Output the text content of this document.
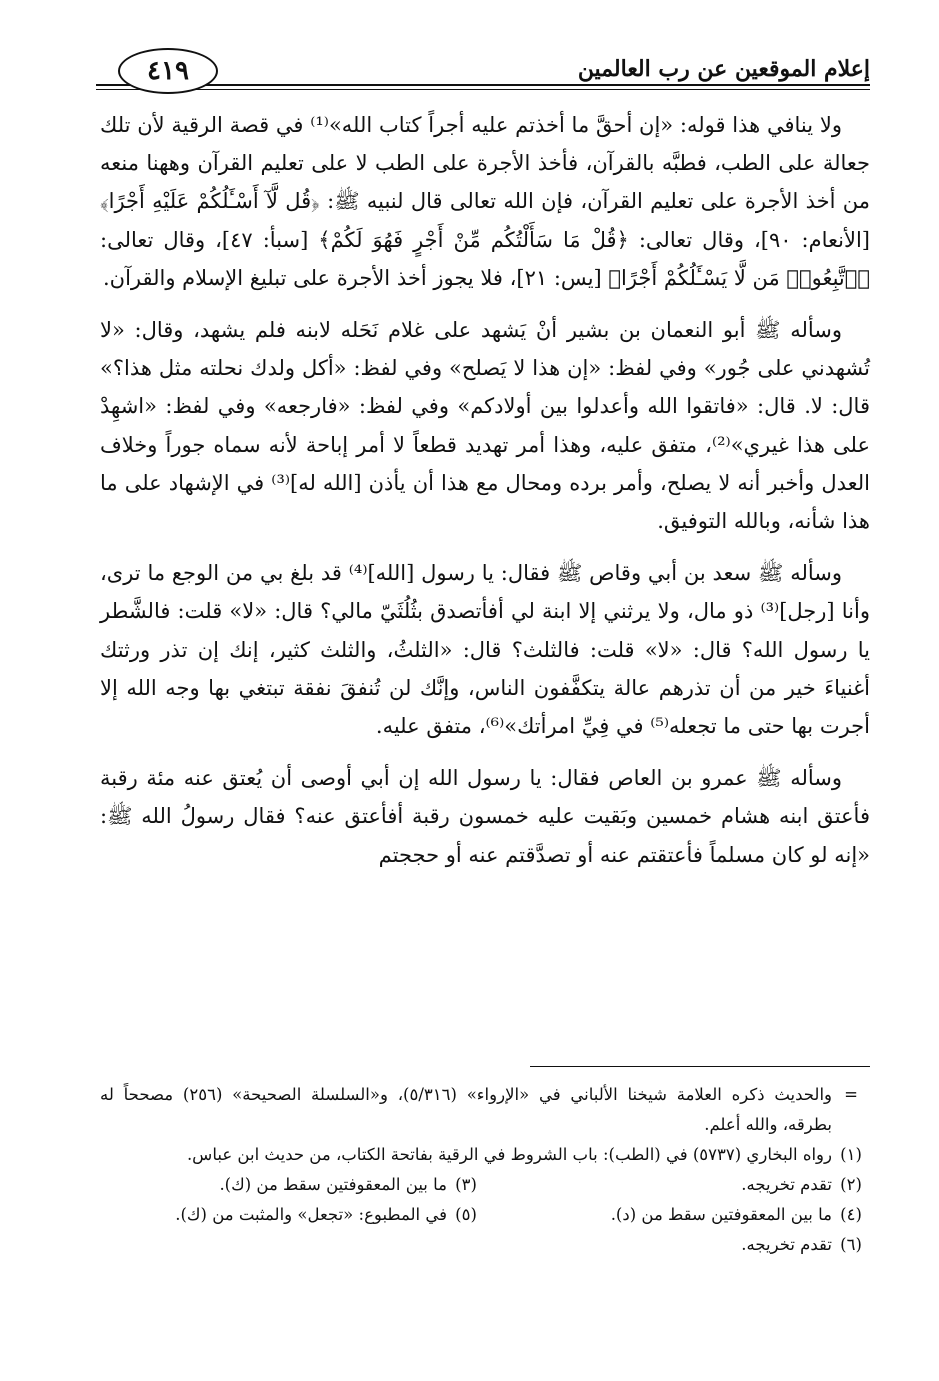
إعلام الموقعين عن رب العالمين
٤١٩

ولا ينافي هذا قوله: «إن أحقَّ ما أخذتم عليه أجراً كتاب الله»⁽¹⁾ في قصة الرقية لأن تلك جعالة على الطب، فطبَّه بالقرآن، فأخذ الأجرة على الطب لا على تعليم القرآن وههنا منعه من أخذ الأجرة على تعليم القرآن، فإن الله تعالى قال لنبيه ﷺ: ﴿قُل لَّآ أَسْـَٔلُكُمْ عَلَيْهِ أَجْرًا﴾ [الأنعام: ٩٠]، وقال تعالى: ﴿قُلْ مَا سَأَلْتُكُم مِّنْ أَجْرٍ فَهُوَ لَكُمْ﴾ [سبأ: ٤٧]، وقال تعالى: ﴿ٱتَّبِعُوا۟ مَن لَّا يَسْـَٔلُكُمْ أَجْرًا﴾ [يس: ٢١]، فلا يجوز أخذ الأجرة على تبليغ الإسلام والقرآن.

وسأله ﷺ أبو النعمان بن بشير أنْ يَشهد على غلام نَحَله لابنه فلم يشهد، وقال: «لا تُشهدني على جُور» وفي لفظ: «إن هذا لا يَصلح» وفي لفظ: «أكل ولدك نحلته مثل هذا؟» قال: لا. قال: «فاتقوا الله وأعدلوا بين أولادكم» وفي لفظ: «فارجعه» وفي لفظ: «اشهِدْ على هذا غيري»⁽²⁾، متفق عليه، وهذا أمر تهديد قطعاً لا أمر إباحة لأنه سماه جوراً وخلاف العدل وأخبر أنه لا يصلح، وأمر برده ومحال مع هذا أن يأذن [الله له]⁽³⁾ في الإشهاد على ما هذا شأنه، وبالله التوفيق.

وسأله ﷺ سعد بن أبي وقاص ﷺ فقال: يا رسول [الله]⁽⁴⁾ قد بلغ بي من الوجع ما ترى، وأنا [رجل]⁽³⁾ ذو مال، ولا يرثني إلا ابنة لي أفأتصدق بثُلُثَيّ مالي؟ قال: «لا» قلت: فالشَّطر يا رسول الله؟ قال: «لا» قلت: فالثلث؟ قال: «الثلثُ، والثلث كثير، إنك إن تذر ورثتك أغنياءَ خير من أن تذرهم عالة يتكفَّفون الناس، وإنَّك لن تُنفقَ نفقة تبتغي بها وجه الله إلا أجرت بها حتى ما تجعله⁽⁵⁾ في فِيِّ امرأتك»⁽⁶⁾، متفق عليه.

وسأله ﷺ عمرو بن العاص فقال: يا رسول الله إن أبي أوصى أن يُعتق عنه مئة رقبة فأعتق ابنه هشام خمسين وبَقيت عليه خمسون رقبة أفأعتق عنه؟ فقال رسولُ الله ﷺ: «إنه لو كان مسلماً فأعتقتم عنه أو تصدَّقتم عنه أو حججتم

=
والحديث ذكره العلامة شيخنا الألباني في «الإرواء» (٥/٣١٦)، و«السلسلة الصحيحة» (٢٥٦) مصححاً له بطرقه، والله أعلم.
(١)
رواه البخاري (٥٧٣٧) في (الطب): باب الشروط في الرقية بفاتحة الكتاب، من حديث ابن عباس.
(٢)
تقدم تخريجه.
(٣)
ما بين المعقوفتين سقط من (ك).
(٤)
ما بين المعقوفتين سقط من (د).
(٥)
في المطبوع: «تجعل» والمثبت من (ك).
(٦)
تقدم تخريجه.
